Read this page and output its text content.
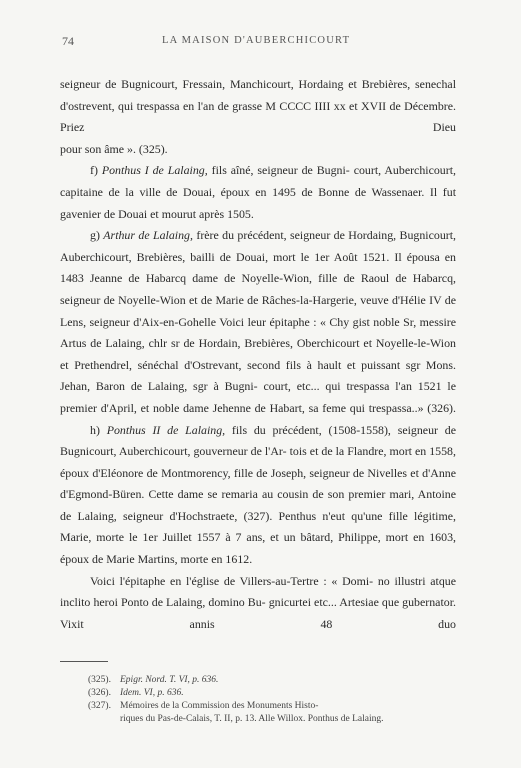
74	LA MAISON D'AUBERCHICOURT

seigneur de Bugnicourt, Fressain, Manchicourt, Hordaing et Brebières, senechal d'ostrevent, qui trespassa en l'an de grasse M CCCC IIII xx et XVII de Décembre. Priez Dieu

pour son âme ». (325).

f) Ponthus I de Lalaing, fils aîné, seigneur de Bugni- court, Auberchicourt, capitaine de la ville de Douai, époux en 1495 de Bonne de Wassenaer. Il fut gavenier de Douai et mourut après 1505.

g) Arthur de Lalaing, frère du précédent, seigneur de Hordaing, Bugnicourt, Auberchicourt, Brebières, bailli de Douai, mort le 1er Août 1521. Il épousa en 1483 Jeanne de Habarcq dame de Noyelle-Wion, fille de Raoul de Habarcq, seigneur de Noyelle-Wion et de Marie de Râches-la-Hargerie, veuve d'Hélie IV de Lens, seigneur d'Aix-en-Gohelle Voici leur épitaphe : « Chy gist noble Sr, messire Artus de Lalaing, chlr sr de Hordain, Brebières, Oberchicourt et Noyelle-le-Wion et Prethendrel, sénéchal d'Ostrevant, second fils à hault et puissant sgr Mons. Jehan, Baron de Lalaing, sgr à Bugni- court, etc... qui trespassa l'an 1521 le premier d'April, et noble dame Jehenne de Habart, sa feme qui trespassa..» (326).

h) Ponthus II de Lalaing, fils du précédent, (1508-1558), seigneur de Bugnicourt, Auberchicourt, gouverneur de l'Ar- tois et de la Flandre, mort en 1558, époux d'Eléonore de Montmorency, fille de Joseph, seigneur de Nivelles et d'Anne d'Egmond-Büren. Cette dame se remaria au cousin de son premier mari, Antoine de Lalaing, seigneur d'Hochstraete, (327). Penthus n'eut qu'une fille légitime, Marie, morte le 1er Juillet 1557 à 7 ans, et un bâtard, Philippe, mort en 1603, époux de Marie Martins, morte en 1612.

Voici l'épitaphe en l'église de Villers-au-Tertre : « Domi- no illustri atque inclito heroi Ponto de Lalaing, domino Bu- gnicurtei etc... Artesiae que gubernator. Vixit annis 48 duo

(325). Epigr. Nord. T. VI, p. 636.

(326). Idem. VI, p. 636.

(327). Mémoires de la Commission des Monuments Histo-
riques du Pas-de-Calais, T. II, p. 13. Alle Willox. Ponthus de Lalaing.
